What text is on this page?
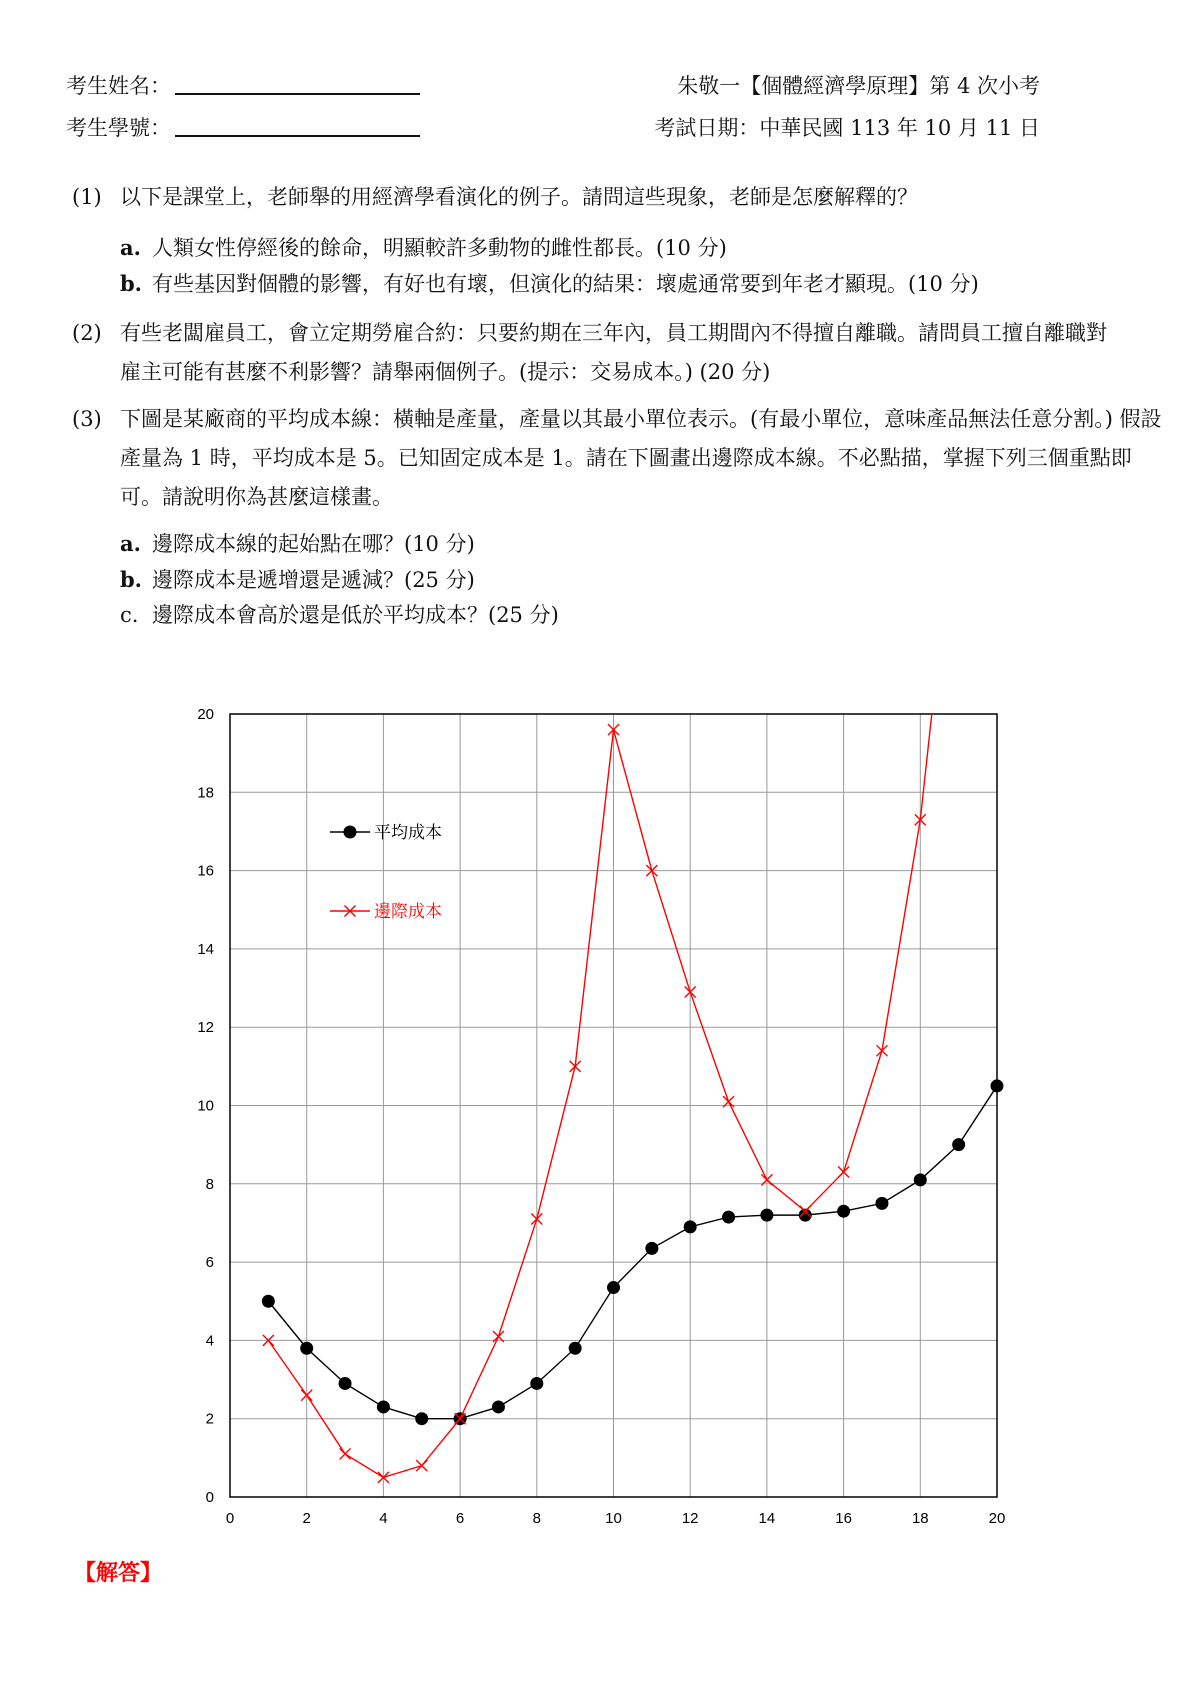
考生姓名：
考生學號：
朱敬一【個體經濟學原理】第 4 次小考
考試日期：中華民國 113 年 10 月 11 日
(1) 以下是課堂上，老師舉的用經濟學看演化的例子。請問這些現象，老師是怎麼解釋的？
a. 人類女性停經後的餘命，明顯較許多動物的雌性都長。(10 分)
b. 有些基因對個體的影響，有好也有壞，但演化的結果：壞處通常要到年老才顯現。(10 分)
(2) 有些老闆雇員工，會立定期勞雇合約：只要約期在三年內，員工期間內不得擅自離職。請問員工擅自離職對雇主可能有甚麼不利影響？請舉兩個例子。(提示：交易成本。) (20 分)
(3) 下圖是某廠商的平均成本線：橫軸是產量，產量以其最小單位表示。(有最小單位，意味產品無法任意分割。) 假設產量為 1 時，平均成本是 5。已知固定成本是 1。請在下圖畫出邊際成本線。不必點描，掌握下列三個重點即可。請說明你為甚麼這樣畫。
a. 邊際成本線的起始點在哪？(10 分)
b. 邊際成本是遞增還是遞減？(25 分)
c. 邊際成本會高於還是低於平均成本？(25 分)
0	2	4	6	8	10	12	14	16	18	20
0
2
4
6
8
10
12
14
16
18
20
平均成本
邊際成本
【解答】
